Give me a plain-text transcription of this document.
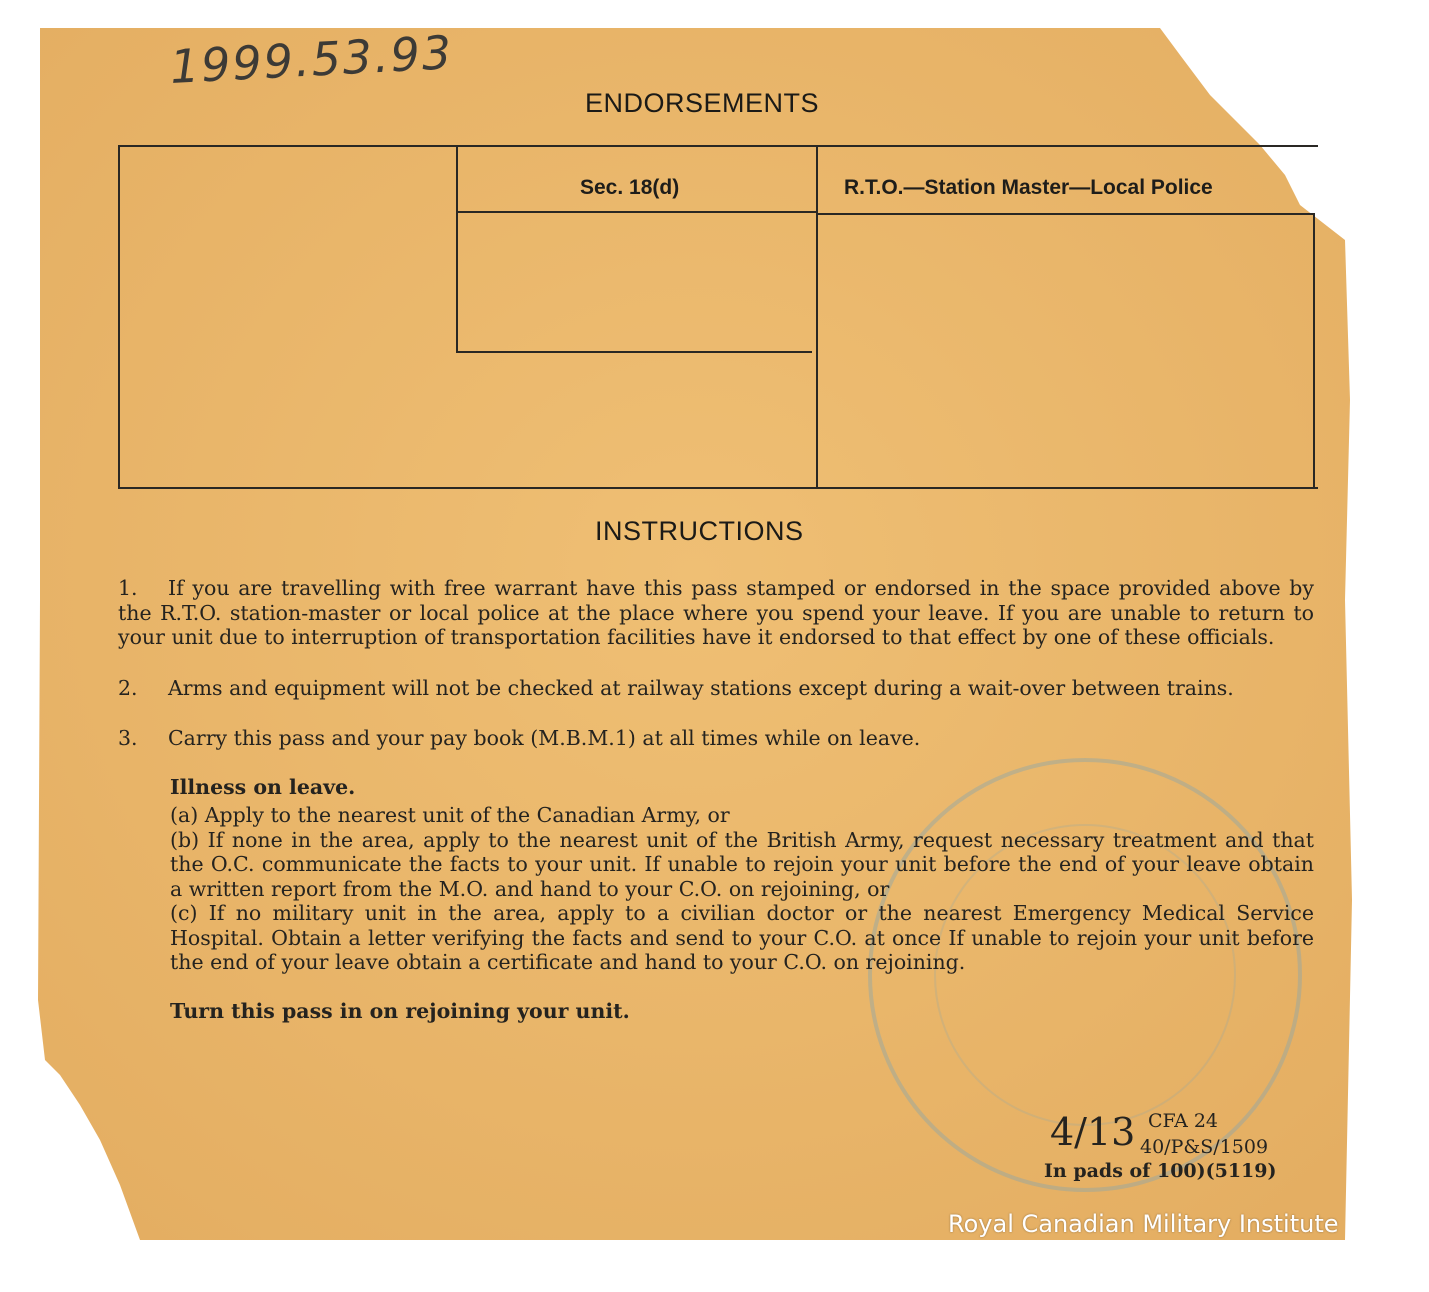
1999.53.93
ENDORSEMENTS
Sec. 18(d)	R.T.O.—Station Master—Local Police
INSTRUCTIONS

1. If you are travelling with free warrant have this pass stamped or endorsed in the space provided above by the R.T.O. station-master or local police at the place where you spend your leave. If you are unable to return to your unit due to interruption of transportation facilities have it endorsed to that effect by one of these officials.

2. Arms and equipment will not be checked at railway stations except during a wait-over between trains.

3. Carry this pass and your pay book (M.B.M.1) at all times while on leave.

Illness on leave.

(a) Apply to the nearest unit of the Canadian Army, or

(b) If none in the area, apply to the nearest unit of the British Army, request necessary treatment and that the O.C. communicate the facts to your unit. If unable to rejoin your unit before the end of your leave obtain a written report from the M.O. and hand to your C.O. on rejoining, or

(c) If no military unit in the area, apply to a civilian doctor or the nearest Emergency Medical Service Hospital. Obtain a letter verifying the facts and send to your C.O. at once If unable to rejoin your unit before the end of your leave obtain a certificate and hand to your C.O. on rejoining.

Turn this pass in on rejoining your unit.

4/13 CFA 24
40/P&S/1509
In pads of 100)(5119)
Royal Canadian Military Institute
